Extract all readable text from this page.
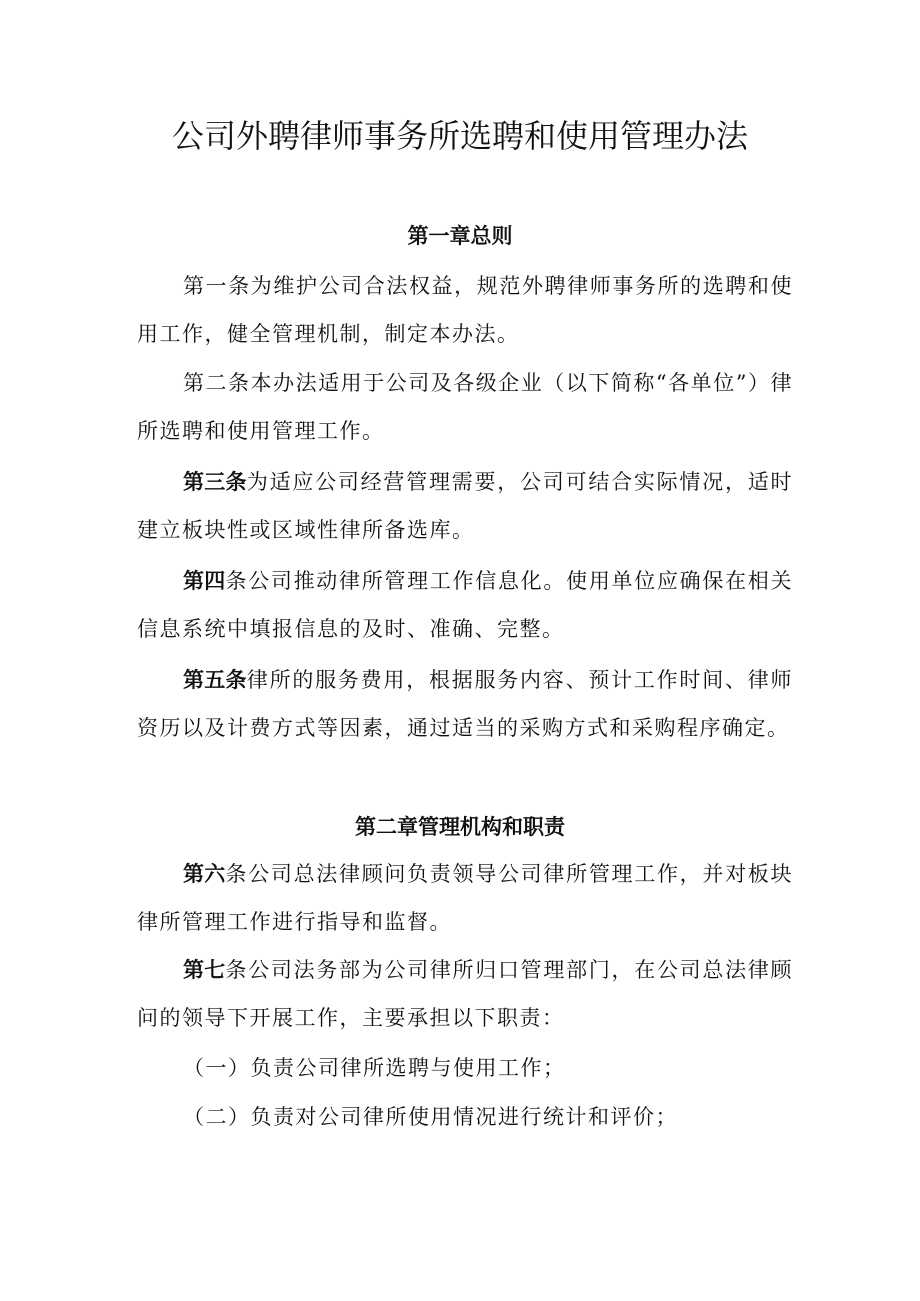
公司外聘律师事务所选聘和使用管理办法
第一章总则

第一条为维护公司合法权益，规范外聘律师事务所的选聘和使用工作，健全管理机制，制定本办法。

第二条本办法适用于公司及各级企业（以下简称“各单位”）律所选聘和使用管理工作。

第三条为适应公司经营管理需要，公司可结合实际情况，适时建立板块性或区域性律所备选库。

第四条公司推动律所管理工作信息化。使用单位应确保在相关信息系统中填报信息的及时、准确、完整。

第五条律所的服务费用，根据服务内容、预计工作时间、律师资历以及计费方式等因素，通过适当的采购方式和采购程序确定。

第二章管理机构和职责

第六条公司总法律顾问负责领导公司律所管理工作，并对板块律所管理工作进行指导和监督。

第七条公司法务部为公司律所归口管理部门，在公司总法律顾问的领导下开展工作，主要承担以下职责：

（一）负责公司律所选聘与使用工作；

（二）负责对公司律所使用情况进行统计和评价；
